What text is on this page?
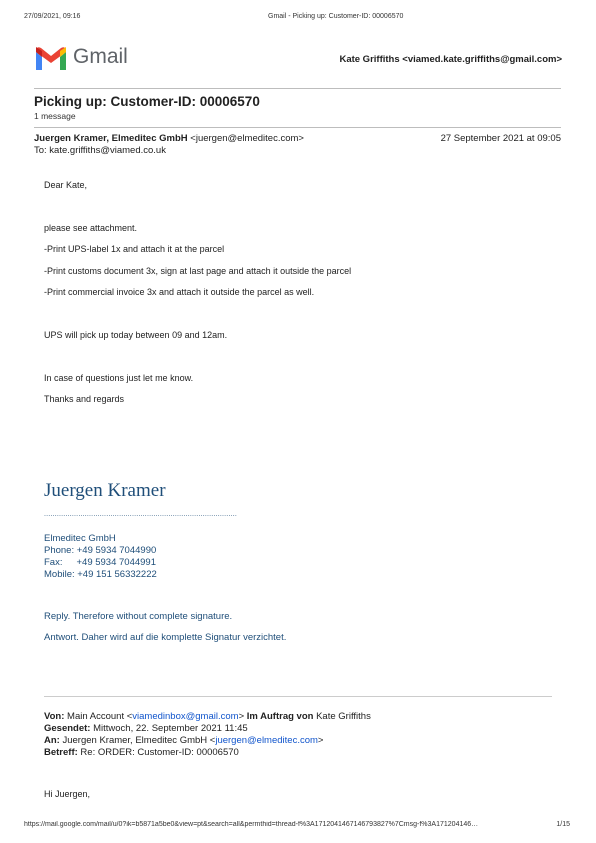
27/09/2021, 09:16	Gmail - Picking up: Customer-ID: 00006570
Gmail	Kate Griffiths <viamed.kate.griffiths@gmail.com>
Picking up: Customer-ID: 00006570
1 message
Juergen Kramer, Elmeditec GmbH <juergen@elmeditec.com>	27 September 2021 at 09:05
To: kate.griffiths@viamed.co.uk
Dear Kate,
please see attachment.
-Print UPS-label 1x and attach it at the parcel
-Print customs document 3x, sign at last page and attach it outside the parcel
-Print commercial invoice 3x and attach it outside the parcel as well.
UPS will pick up today between 09 and 12am.
In case of questions just let me know.
Thanks and regards
Juergen Kramer
..........................................................................................
Elmeditec GmbH
Phone: +49 5934 7044990
Fax: +49 5934 7044991
Mobile: +49 151 56332222
Reply. Therefore without complete signature.
Antwort. Daher wird auf die komplette Signatur verzichtet.
Von: Main Account <viamedinbox@gmail.com> Im Auftrag von Kate Griffiths
Gesendet: Mittwoch, 22. September 2021 11:45
An: Juergen Kramer, Elmeditec GmbH <juergen@elmeditec.com>
Betreff: Re: ORDER: Customer-ID: 00006570
Hi Juergen,
https://mail.google.com/mail/u/0?ik=b5871a5be0&view=pt&search=all&permthid=thread-f%3A1712041467146793827%7Cmsg-f%3A171204146…	1/15
